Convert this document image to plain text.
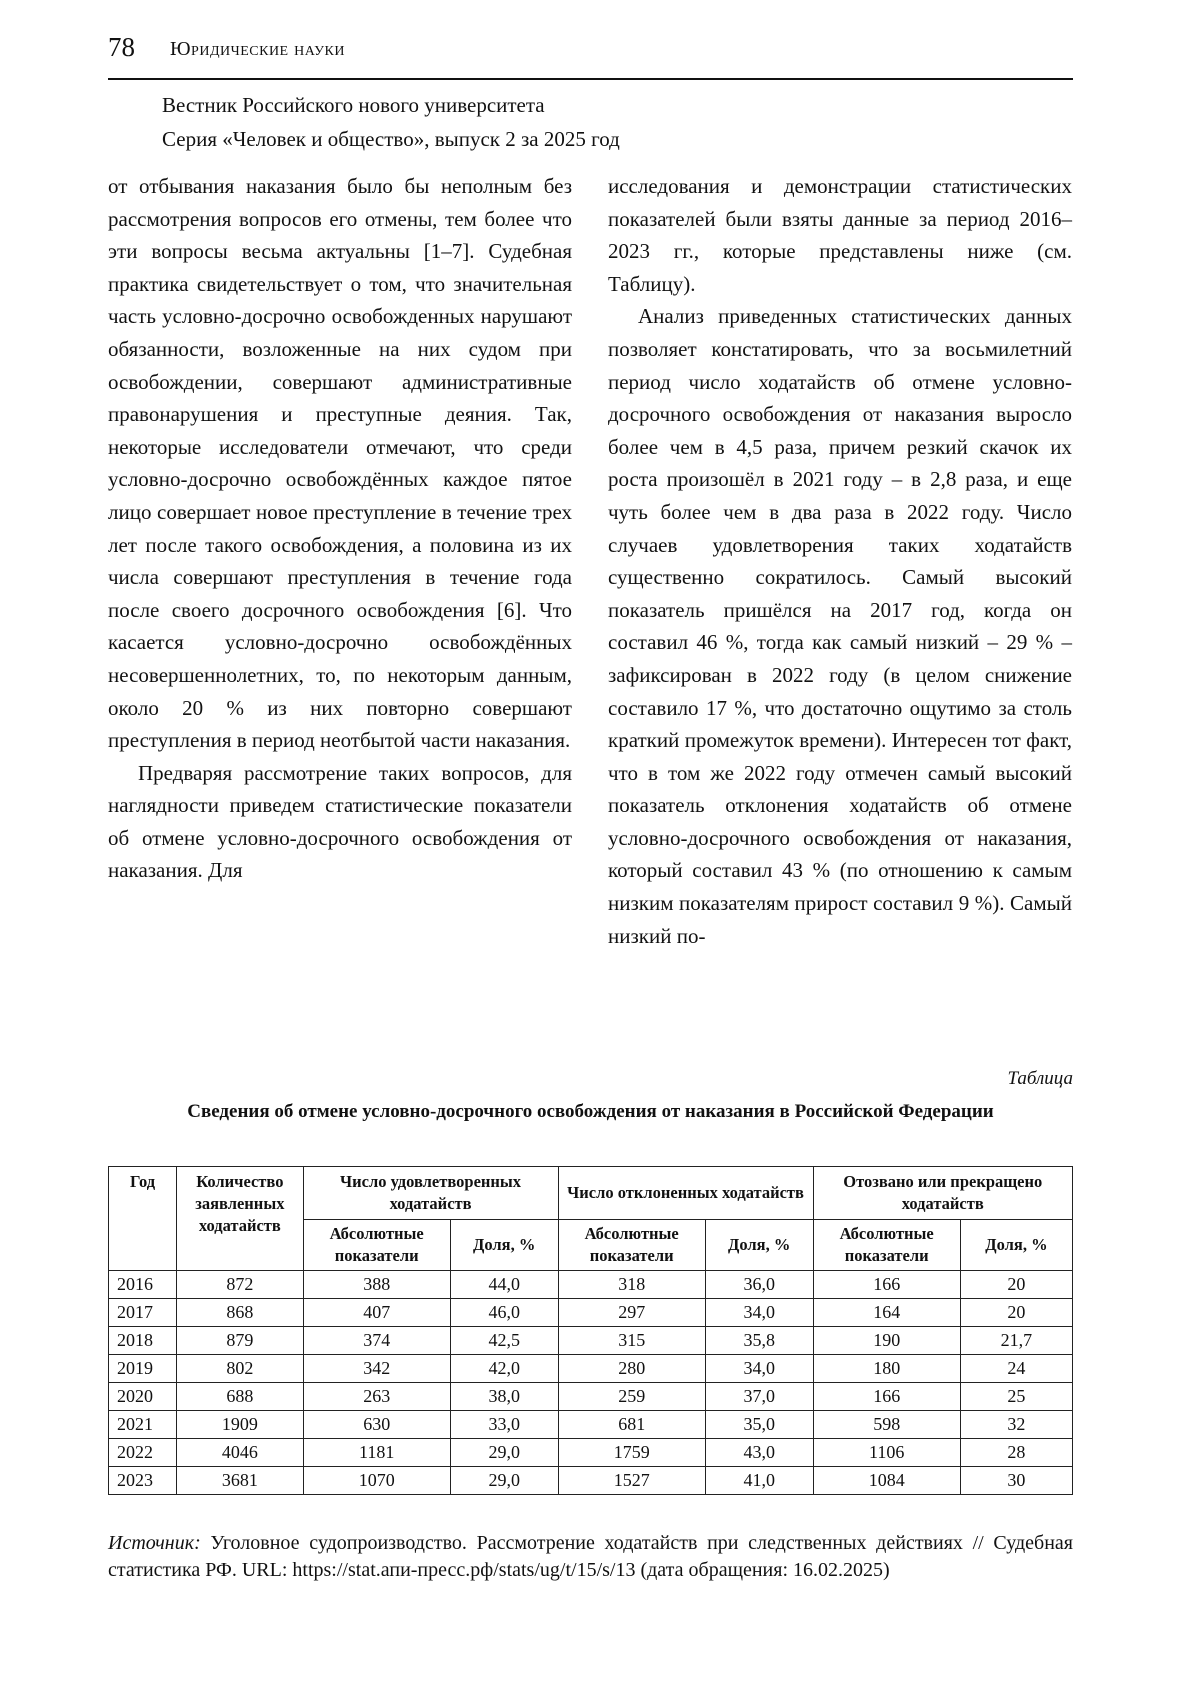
78 Юридические науки
Вестник Российского нового университета
Серия «Человек и общество», выпуск 2 за 2025 год

от отбывания наказания было бы неполным без рассмотрения вопросов его отмены, тем более что эти вопросы весьма актуальны [1–7]. Судебная практика свидетельствует о том, что значительная часть условно-досрочно освобожденных нарушают обязанности, возложенные на них судом при освобождении, совершают административные правонарушения и преступные деяния. Так, некоторые исследователи отмечают, что среди условно-досрочно освобождённых каждое пятое лицо совершает новое преступление в течение трех лет после такого освобождения, а половина из их числа совершают преступления в течение года после своего досрочного освобождения [6]. Что касается условно-досрочно освобождённых несовершеннолетних, то, по некоторым данным, около 20 % из них повторно совершают преступления в период неотбытой части наказания.

Предваряя рассмотрение таких вопросов, для наглядности приведем статистические показатели об отмене условно-досрочного освобождения от наказания. Для

исследования и демонстрации статистических показателей были взяты данные за период 2016–2023 гг., которые представлены ниже (см. Таблицу).

Анализ приведенных статистических данных позволяет констатировать, что за восьмилетний период число ходатайств об отмене условно-досрочного освобождения от наказания выросло более чем в 4,5 раза, причем резкий скачок их роста произошёл в 2021 году – в 2,8 раза, и еще чуть более чем в два раза в 2022 году. Число случаев удовлетворения таких ходатайств существенно сократилось. Самый высокий показатель пришёлся на 2017 год, когда он составил 46 %, тогда как самый низкий – 29 % – зафиксирован в 2022 году (в целом снижение составило 17 %, что достаточно ощутимо за столь краткий промежуток времени). Интересен тот факт, что в том же 2022 году отмечен самый высокий показатель отклонения ходатайств об отмене условно-досрочного освобождения от наказания, который составил 43 % (по отношению к самым низким показателям прирост составил 9 %). Самый низкий по-

Таблица
Сведения об отмене условно-досрочного освобождения от наказания в Российской Федерации
Год	Количество заявленных ходатайств	Число удовлетворенных ходатайств		Число отклоненных ходатайств		Отозвано или прекращено ходатайств	
		Абсолютные показатели	Доля, %	Абсолютные показатели	Доля, %	Абсолютные показатели	Доля, %
2016	872	388	44,0	318	36,0	166	20
2017	868	407	46,0	297	34,0	164	20
2018	879	374	42,5	315	35,8	190	21,7
2019	802	342	42,0	280	34,0	180	24
2020	688	263	38,0	259	37,0	166	25
2021	1909	630	33,0	681	35,0	598	32
2022	4046	1181	29,0	1759	43,0	1106	28
2023	3681	1070	29,0	1527	41,0	1084	30
Источник: Уголовное судопроизводство. Рассмотрение ходатайств при следственных действиях // Судебная статистика РФ. URL: https://stat.апи-пресс.рф/stats/ug/t/15/s/13 (дата обращения: 16.02.2025)
